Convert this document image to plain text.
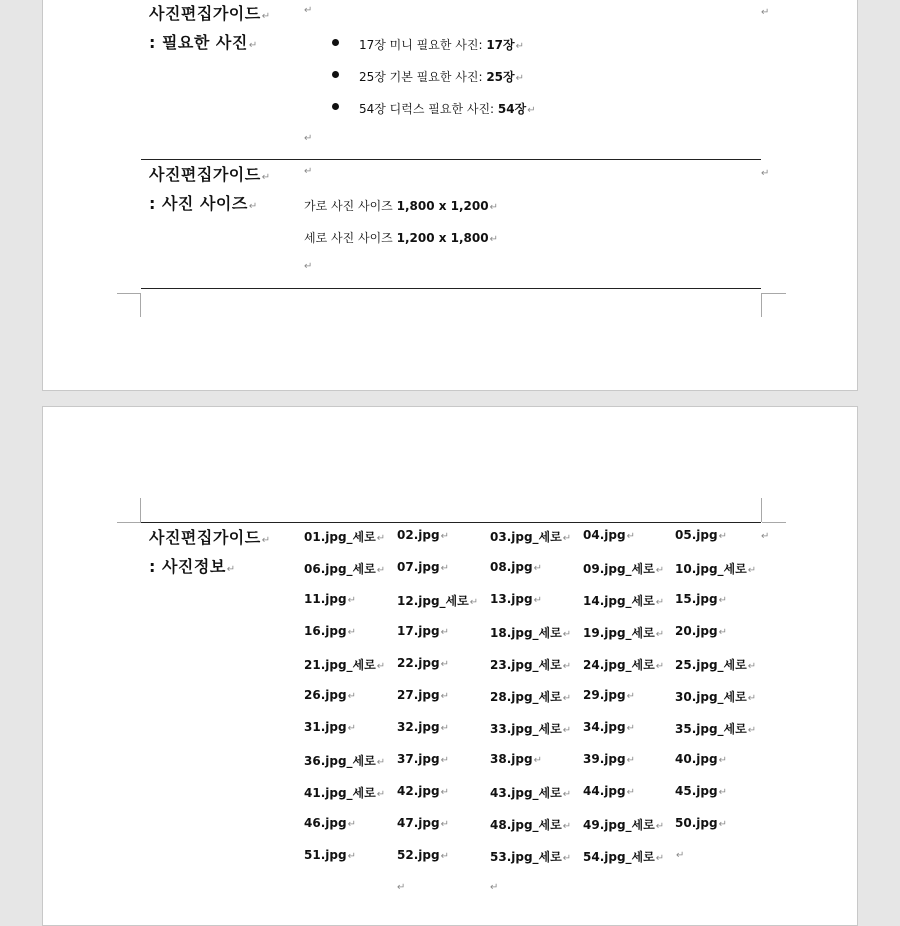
사진편집가이드↵
: 필요한 사진↵
↵	↵
17장 미니 필요한 사진: 17장↵
25장 기본 필요한 사진: 25장↵
54장 디럭스 필요한 사진: 54장↵
↵
사진편집가이드↵
: 사진 사이즈↵
↵	↵
가로 사진 사이즈 1,800 x 1,200↵
세로 사진 사이즈 1,200 x 1,800↵
↵
사진편집가이드↵
: 사진정보↵
↵
01.jpg_세로↵ 02.jpg↵	03.jpg_세로↵ 04.jpg↵	05.jpg↵
06.jpg_세로↵ 07.jpg↵	08.jpg↵	09.jpg_세로↵ 10.jpg_세로↵
11.jpg↵	12.jpg_세로↵ 13.jpg↵	14.jpg_세로↵ 15.jpg↵
16.jpg↵	17.jpg↵	18.jpg_세로↵ 19.jpg_세로↵ 20.jpg↵
21.jpg_세로↵ 22.jpg↵	23.jpg_세로↵ 24.jpg_세로↵ 25.jpg_세로↵
26.jpg↵	27.jpg↵	28.jpg_세로↵ 29.jpg↵	30.jpg_세로↵
31.jpg↵	32.jpg↵	33.jpg_세로↵ 34.jpg↵	35.jpg_세로↵
36.jpg_세로↵ 37.jpg↵	38.jpg↵	39.jpg↵	40.jpg↵
41.jpg_세로↵ 42.jpg↵	43.jpg_세로↵ 44.jpg↵	45.jpg↵
46.jpg↵	47.jpg↵	48.jpg_세로↵ 49.jpg_세로↵ 50.jpg↵
51.jpg↵	52.jpg↵	53.jpg_세로↵ 54.jpg_세로↵ ↵
↵	↵
